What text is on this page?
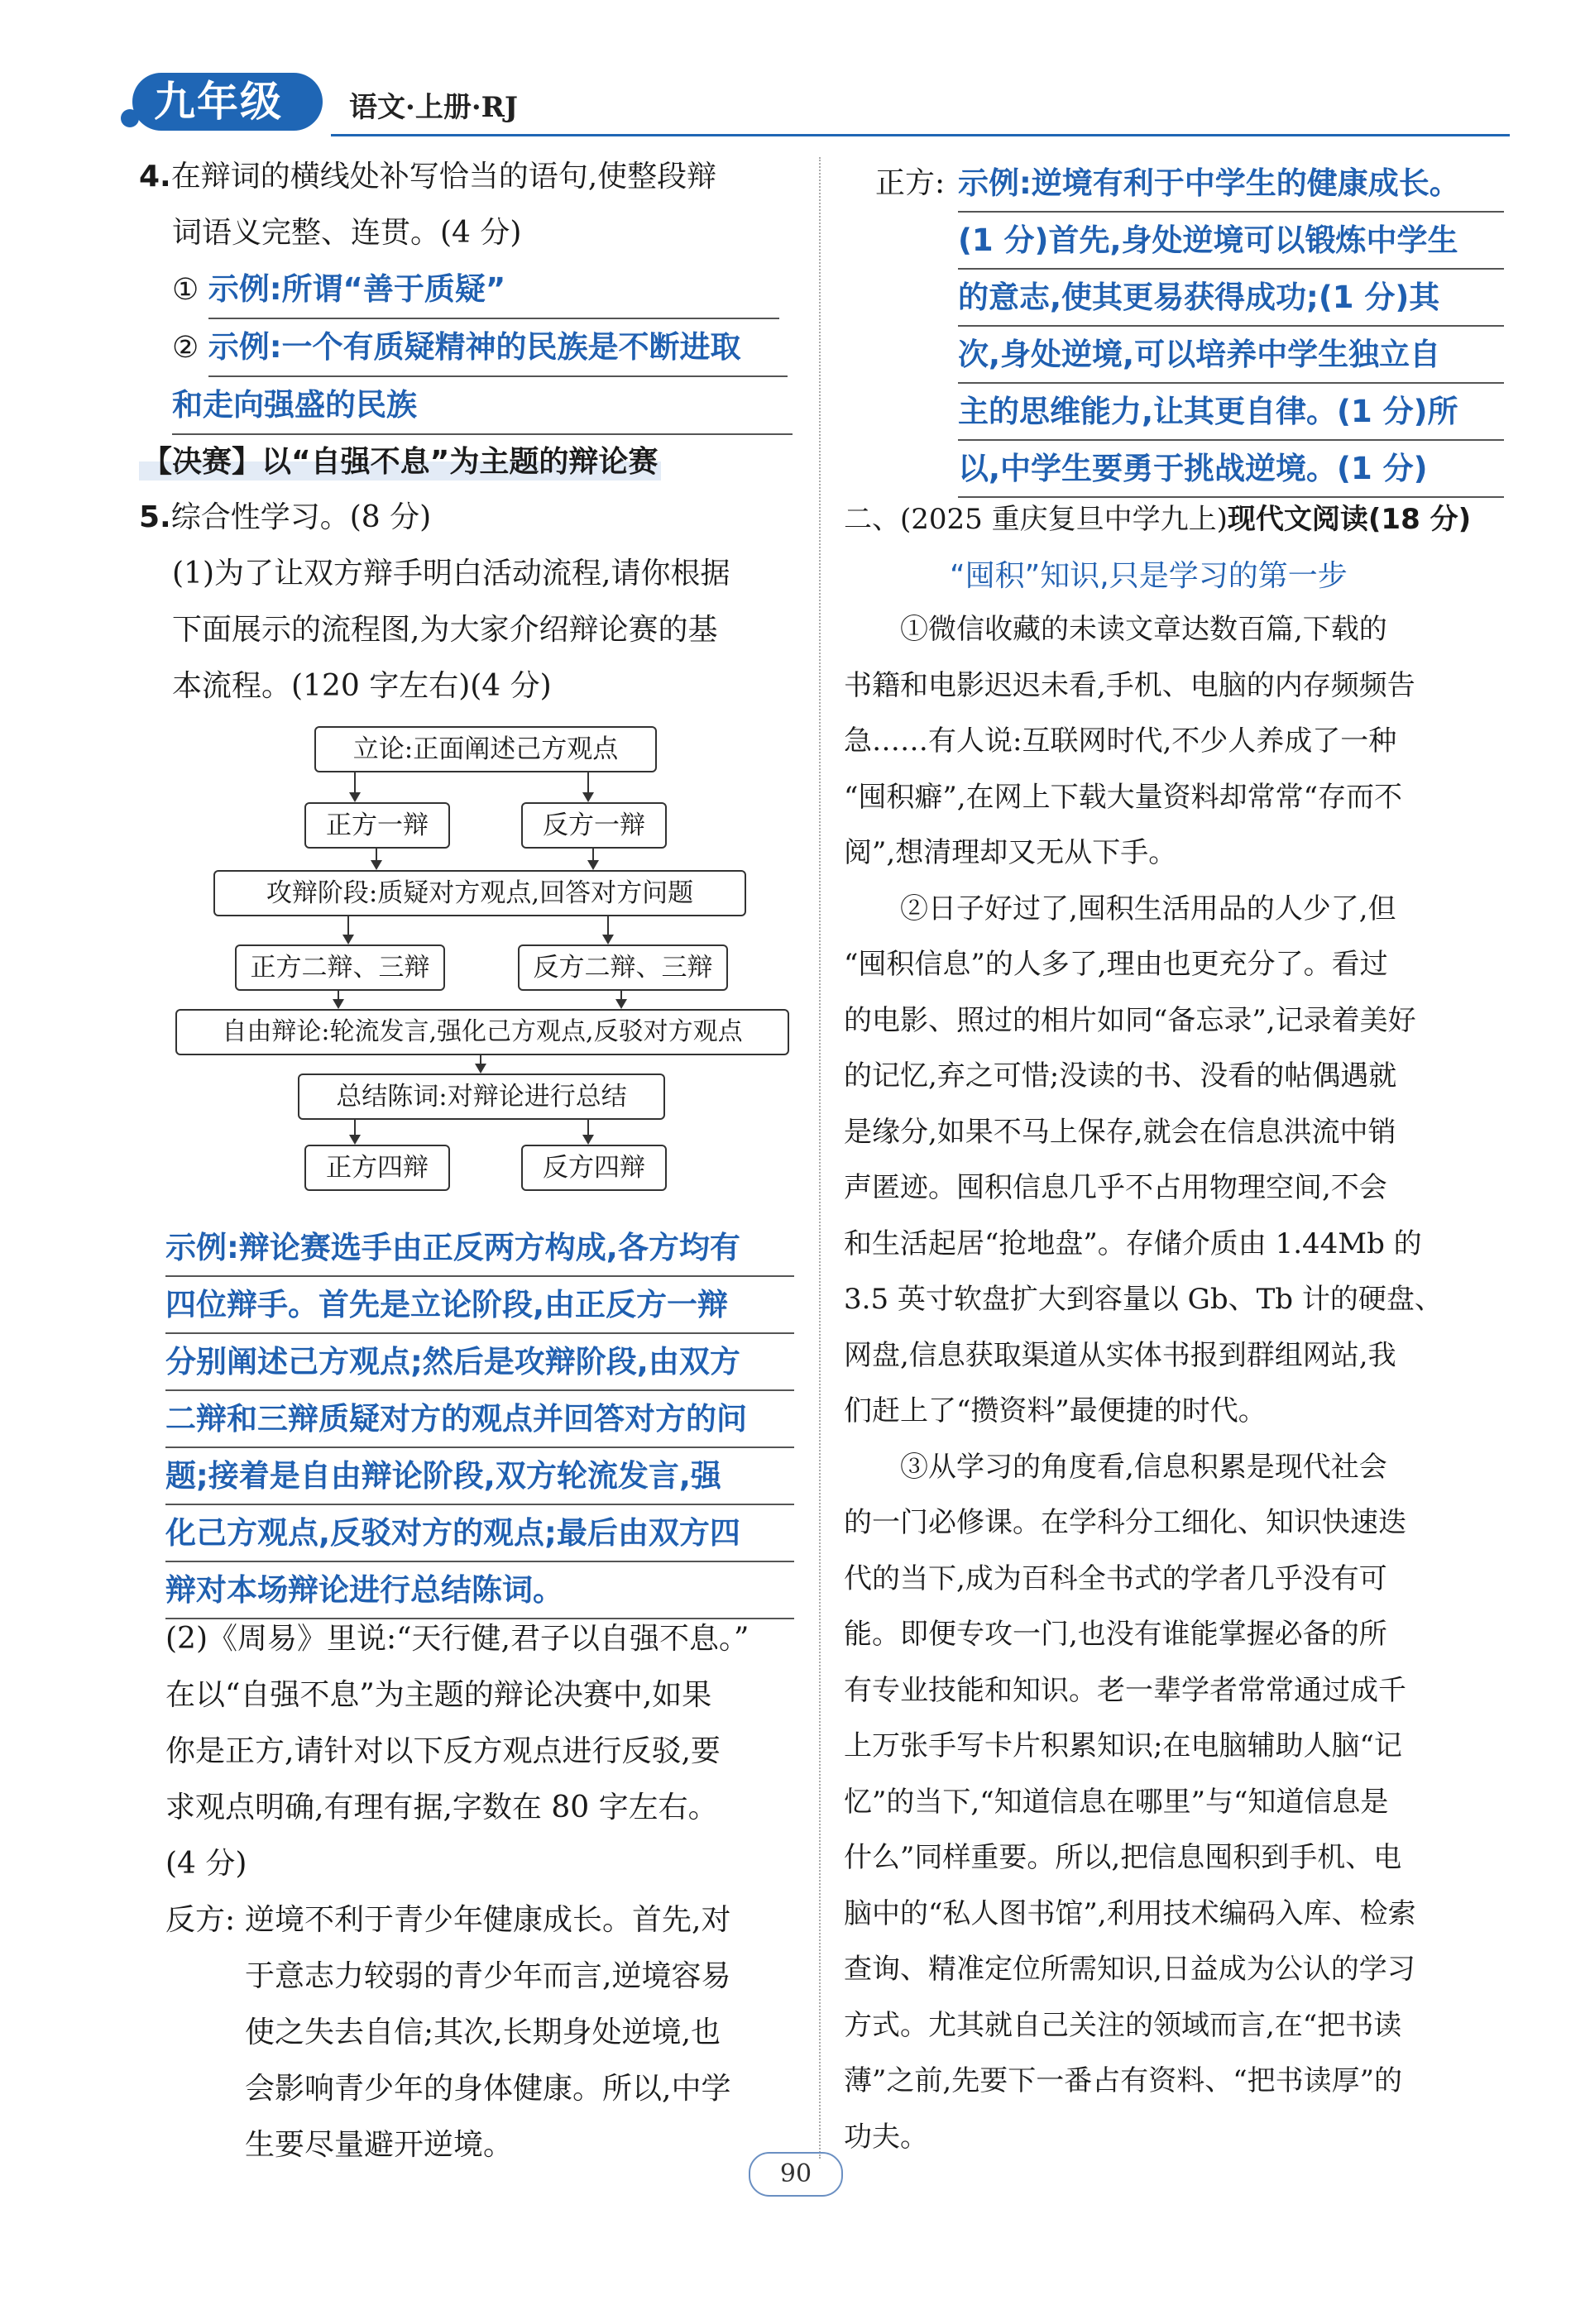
九年级	语文·上册·RJ
4.在辩词的横线处补写恰当的语句,使整段辩
词语义完整、连贯。(4 分)
① 示例:所谓“善于质疑”
② 示例:一个有质疑精神的民族是不断进取
和走向强盛的民族
【决赛】以“自强不息”为主题的辩论赛
5.综合性学习。(8 分)
(1)为了让双方辩手明白活动流程,请你根据
下面展示的流程图,为大家介绍辩论赛的基
本流程。(120 字左右)(4 分)
立论:正面阐述己方观点
正方一辩	反方一辩
攻辩阶段:质疑对方观点,回答对方问题
正方二辩、三辩	反方二辩、三辩
自由辩论:轮流发言,强化己方观点,反驳对方观点
总结陈词:对辩论进行总结
正方四辩	反方四辩
示例:辩论赛选手由正反两方构成,各方均有
四位辩手。首先是立论阶段,由正反方一辩
分别阐述己方观点;然后是攻辩阶段,由双方
二辩和三辩质疑对方的观点并回答对方的问
题;接着是自由辩论阶段,双方轮流发言,强
化己方观点,反驳对方的观点;最后由双方四
辩对本场辩论进行总结陈词。
(2)《周易》里说:“天行健,君子以自强不息。”
在以“自强不息”为主题的辩论决赛中,如果
你是正方,请针对以下反方观点进行反驳,要
求观点明确,有理有据,字数在 80 字左右。
(4 分)
反方: 逆境不利于青少年健康成长。首先,对
于意志力较弱的青少年而言,逆境容易
使之失去自信;其次,长期身处逆境,也
会影响青少年的身体健康。所以,中学
生要尽量避开逆境。
正方: 示例:逆境有利于中学生的健康成长。
(1 分)首先,身处逆境可以锻炼中学生
的意志,使其更易获得成功;(1 分)其
次,身处逆境,可以培养中学生独立自
主的思维能力,让其更自律。(1 分)所
以,中学生要勇于挑战逆境。(1 分)
二、(2025 重庆复旦中学九上)现代文阅读(18 分)
“囤积”知识,只是学习的第一步
①微信收藏的未读文章达数百篇,下载的
书籍和电影迟迟未看,手机、电脑的内存频频告
急……有人说:互联网时代,不少人养成了一种
“囤积癖”,在网上下载大量资料却常常“存而不
阅”,想清理却又无从下手。
②日子好过了,囤积生活用品的人少了,但
“囤积信息”的人多了,理由也更充分了。看过
的电影、照过的相片如同“备忘录”,记录着美好
的记忆,弃之可惜;没读的书、没看的帖偶遇就
是缘分,如果不马上保存,就会在信息洪流中销
声匿迹。囤积信息几乎不占用物理空间,不会
和生活起居“抢地盘”。存储介质由 1.44Mb 的
3.5 英寸软盘扩大到容量以 Gb、Tb 计的硬盘、
网盘,信息获取渠道从实体书报到群组网站,我
们赶上了“攒资料”最便捷的时代。
③从学习的角度看,信息积累是现代社会
的一门必修课。在学科分工细化、知识快速迭
代的当下,成为百科全书式的学者几乎没有可
能。即便专攻一门,也没有谁能掌握必备的所
有专业技能和知识。老一辈学者常常通过成千
上万张手写卡片积累知识;在电脑辅助人脑“记
忆”的当下,“知道信息在哪里”与“知道信息是
什么”同样重要。所以,把信息囤积到手机、电
脑中的“私人图书馆”,利用技术编码入库、检索
查询、精准定位所需知识,日益成为公认的学习
方式。尤其就自己关注的领域而言,在“把书读
薄”之前,先要下一番占有资料、“把书读厚”的
功夫。
90
